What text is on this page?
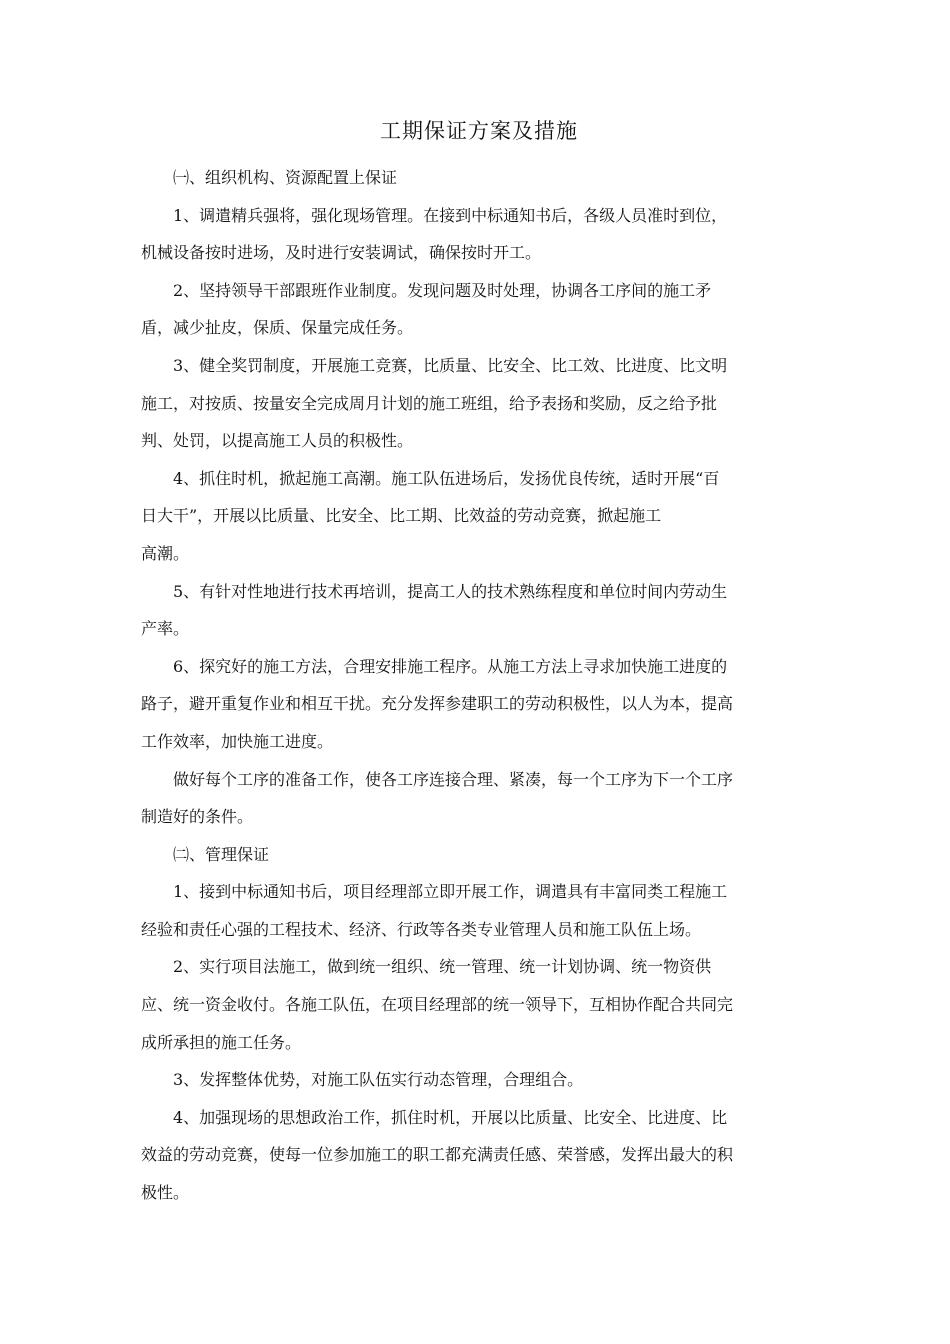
工期保证方案及措施
㈠、组织机构、资源配置上保证
1、调遣精兵强将，强化现场管理。在接到中标通知书后，各级人员准时到位，
机械设备按时进场，及时进行安装调试，确保按时开工。
2、坚持领导干部跟班作业制度。发现问题及时处理，协调各工序间的施工矛
盾，减少扯皮，保质、保量完成任务。
3、健全奖罚制度，开展施工竞赛，比质量、比安全、比工效、比进度、比文明
施工，对按质、按量安全完成周月计划的施工班组，给予表扬和奖励，反之给予批
判、处罚，以提高施工人员的积极性。
4、抓住时机，掀起施工高潮。施工队伍进场后，发扬优良传统，适时开展“百
日大干”，开展以比质量、比安全、比工期、比效益的劳动竞赛，掀起施工
高潮。
5、有针对性地进行技术再培训，提高工人的技术熟练程度和单位时间内劳动生
产率。
6、探究好的施工方法，合理安排施工程序。从施工方法上寻求加快施工进度的
路子，避开重复作业和相互干扰。充分发挥参建职工的劳动积极性，以人为本，提高
工作效率，加快施工进度。
做好每个工序的准备工作，使各工序连接合理、紧凑，每一个工序为下一个工序
制造好的条件。
㈡、管理保证
1、接到中标通知书后，项目经理部立即开展工作，调遣具有丰富同类工程施工
经验和责任心强的工程技术、经济、行政等各类专业管理人员和施工队伍上场。
2、实行项目法施工，做到统一组织、统一管理、统一计划协调、统一物资供
应、统一资金收付。各施工队伍，在项目经理部的统一领导下，互相协作配合共同完
成所承担的施工任务。
3、发挥整体优势，对施工队伍实行动态管理，合理组合。
4、加强现场的思想政治工作，抓住时机，开展以比质量、比安全、比进度、比
效益的劳动竞赛，使每一位参加施工的职工都充满责任感、荣誉感，发挥出最大的积
极性。
